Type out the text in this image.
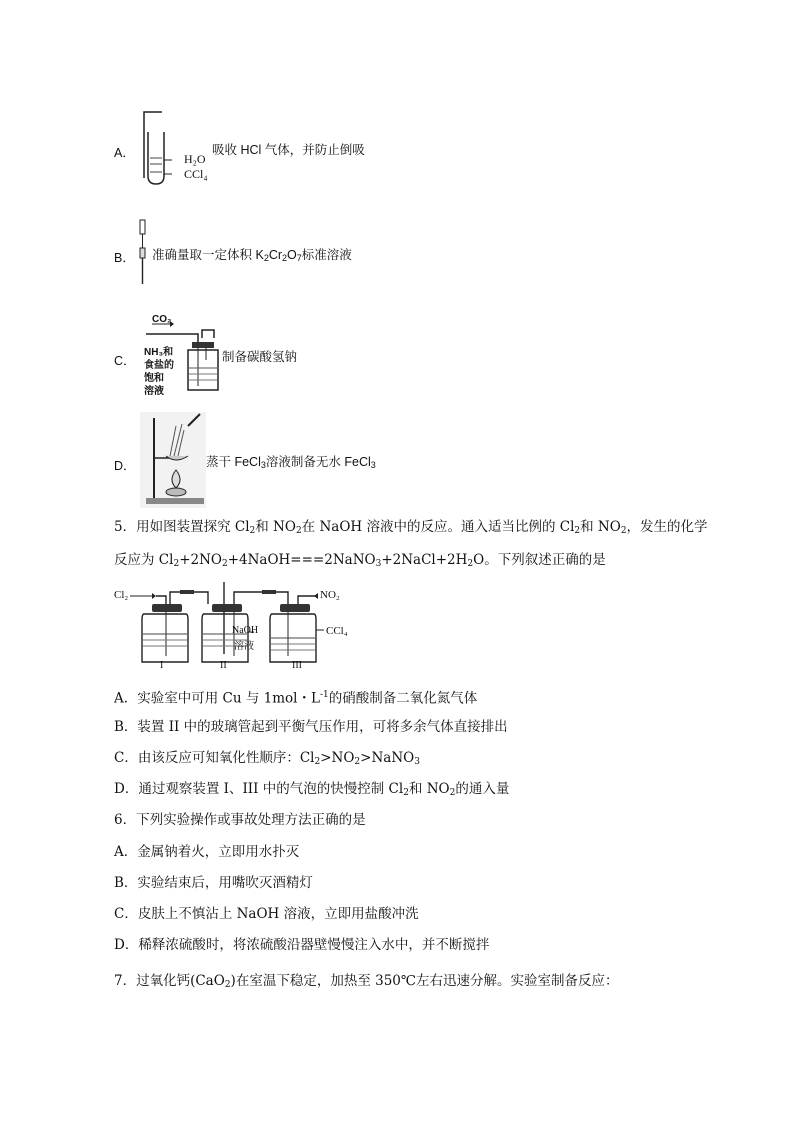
A．	H₂O
CCl₄
吸收 HCl 气体，并防止倒吸
B． 准确量取一定体积 $K_2Cr_2O_7$标准溶液
C．
CO₂
NH₃和
食盐的
饱和
溶液
制备碳酸氢钠
D．	蒸干 FeCl$_3$溶液制备无水 FeCl$_3$
5．用如图装置探究 $Cl_2$和 $NO_2$在 NaOH 溶液中的反应。通入适当比例的 $Cl_2$和 $NO_2$，发生的化学
反应为 $Cl_2+2NO_2+4NaOH===2NaNO_3+2NaCl+2H_2O$。下列叙述正确的是
Cl₂	NO₂
NaOH
溶液
CCl₄
I	II	III
A．实验室中可用 Cu 与 1mol・$L^{-1}$的硝酸制备二氧化氮气体
B．装置 II 中的玻璃管起到平衡气压作用，可将多余气体直接排出
C．由该反应可知氧化性顺序：$Cl_2>NO_2>NaNO_3$
D．通过观察装置 I、III 中的气泡的快慢控制 $Cl_2$和 $NO_2$的通入量
6．下列实验操作或事故处理方法正确的是
A．金属钠着火，立即用水扑灭
B．实验结束后，用嘴吹灭酒精灯
C．皮肤上不慎沾上 NaOH 溶液，立即用盐酸冲洗
D．稀释浓硫酸时，将浓硫酸沿器壁慢慢注入水中，并不断搅拌
7．过氧化钙(CaO$_2$)在室温下稳定，加热至 350℃左右迅速分解。实验室制备反应：
